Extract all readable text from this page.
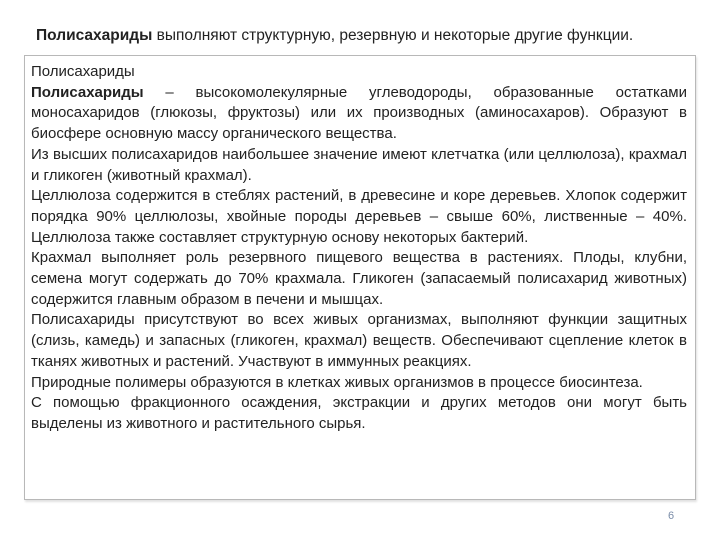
Полисахариды выполняют структурную, резервную и некоторые другие функции.

Полисахариды

Полисахариды – высокомолекулярные углеводороды, образованные остатками моносахаридов (глюкозы, фруктозы) или их производных (аминосахаров). Образуют в биосфере основную массу органического вещества.

Из высших полисахаридов наибольшее значение имеют клетчатка (или целлюлоза), крахмал и гликоген (животный крахмал).

Целлюлоза содержится в стеблях растений, в древесине и коре деревьев. Хлопок содержит порядка 90% целлюлозы, хвойные породы деревьев – свыше 60%, лиственные – 40%. Целлюлоза также составляет структурную основу некоторых бактерий.

Крахмал выполняет роль резервного пищевого вещества в растениях. Плоды, клубни, семена могут содержать до 70% крахмала. Гликоген (запасаемый полисахарид животных) содержится главным образом в печени и мышцах.

Полисахариды присутствуют во всех живых организмах, выполняют функции защитных (слизь, камедь) и запасных (гликоген, крахмал) веществ. Обеспечивают сцепление клеток в тканях животных и растений. Участвуют в иммунных реакциях.

Природные полимеры образуются в клетках живых организмов в процессе биосинтеза.

С помощью фракционного осаждения, экстракции и других методов они могут быть выделены из животного и растительного сырья.

6
